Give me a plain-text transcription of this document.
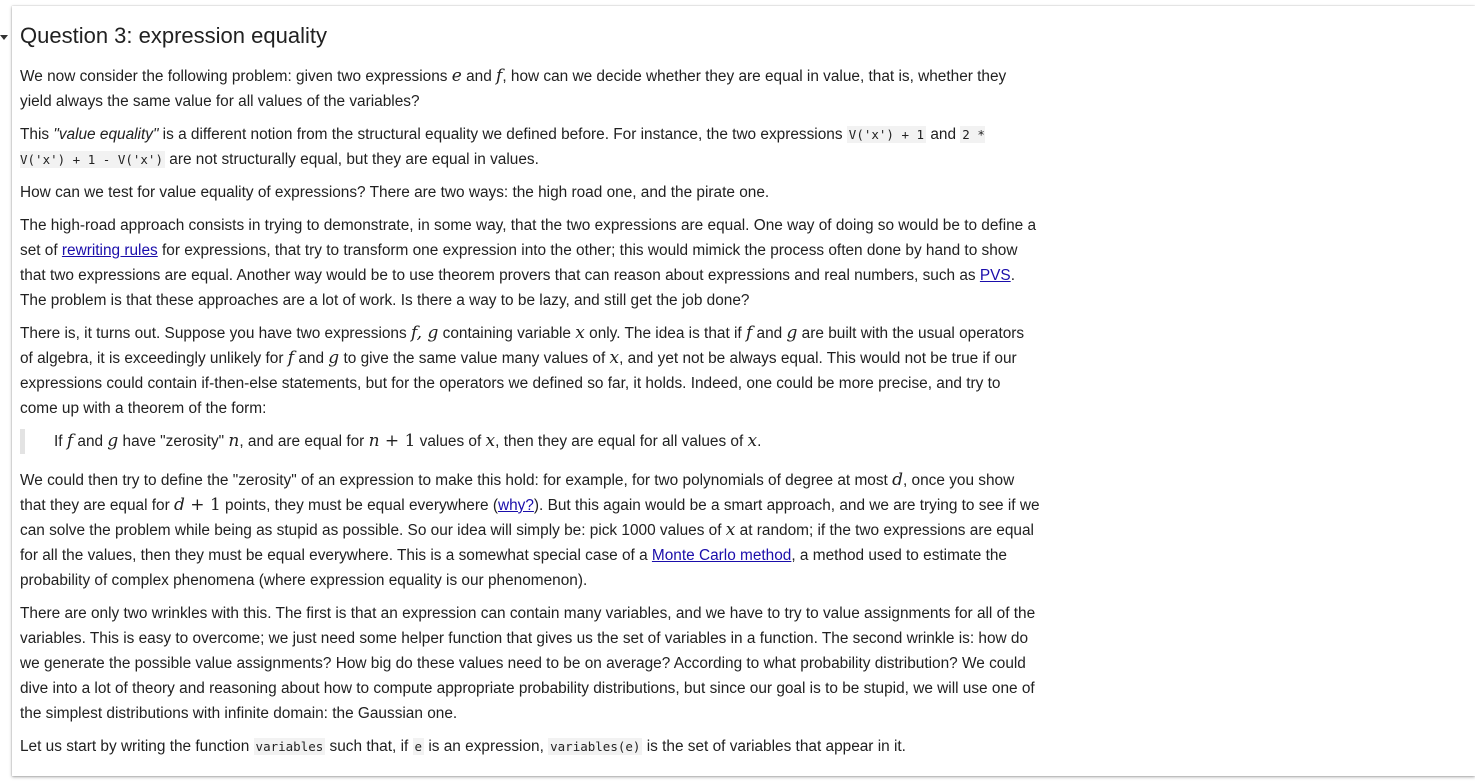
Question 3: expression equality

We now consider the following problem: given two expressions e and f, how can we decide whether they are equal in value, that is, whether they yield always the same value for all values of the variables?

This "value equality" is a different notion from the structural equality we defined before. For instance, the two expressions V('x') + 1 and 2 * V('x') + 1 - V('x') are not structurally equal, but they are equal in values.

How can we test for value equality of expressions? There are two ways: the high road one, and the pirate one.

The high-road approach consists in trying to demonstrate, in some way, that the two expressions are equal. One way of doing so would be to define a set of rewriting rules for expressions, that try to transform one expression into the other; this would mimick the process often done by hand to show that two expressions are equal. Another way would be to use theorem provers that can reason about expressions and real numbers, such as PVS. The problem is that these approaches are a lot of work. Is there a way to be lazy, and still get the job done?

There is, it turns out. Suppose you have two expressions f, g containing variable x only. The idea is that if f and g are built with the usual operators of algebra, it is exceedingly unlikely for f and g to give the same value many values of x, and yet not be always equal. This would not be true if our expressions could contain if-then-else statements, but for the operators we defined so far, it holds. Indeed, one could be more precise, and try to come up with a theorem of the form:

If f and g have "zerosity" n, and are equal for n + 1 values of x, then they are equal for all values of x.

We could then try to define the "zerosity" of an expression to make this hold: for example, for two polynomials of degree at most d, once you show that they are equal for d + 1 points, they must be equal everywhere (why?). But this again would be a smart approach, and we are trying to see if we can solve the problem while being as stupid as possible. So our idea will simply be: pick 1000 values of x at random; if the two expressions are equal for all the values, then they must be equal everywhere. This is a somewhat special case of a Monte Carlo method, a method used to estimate the probability of complex phenomena (where expression equality is our phenomenon).

There are only two wrinkles with this. The first is that an expression can contain many variables, and we have to try to value assignments for all of the variables. This is easy to overcome; we just need some helper function that gives us the set of variables in a function. The second wrinkle is: how do we generate the possible value assignments? How big do these values need to be on average? According to what probability distribution? We could dive into a lot of theory and reasoning about how to compute appropriate probability distributions, but since our goal is to be stupid, we will use one of the simplest distributions with infinite domain: the Gaussian one.

Let us start by writing the function variables such that, if e is an expression, variables(e) is the set of variables that appear in it.
